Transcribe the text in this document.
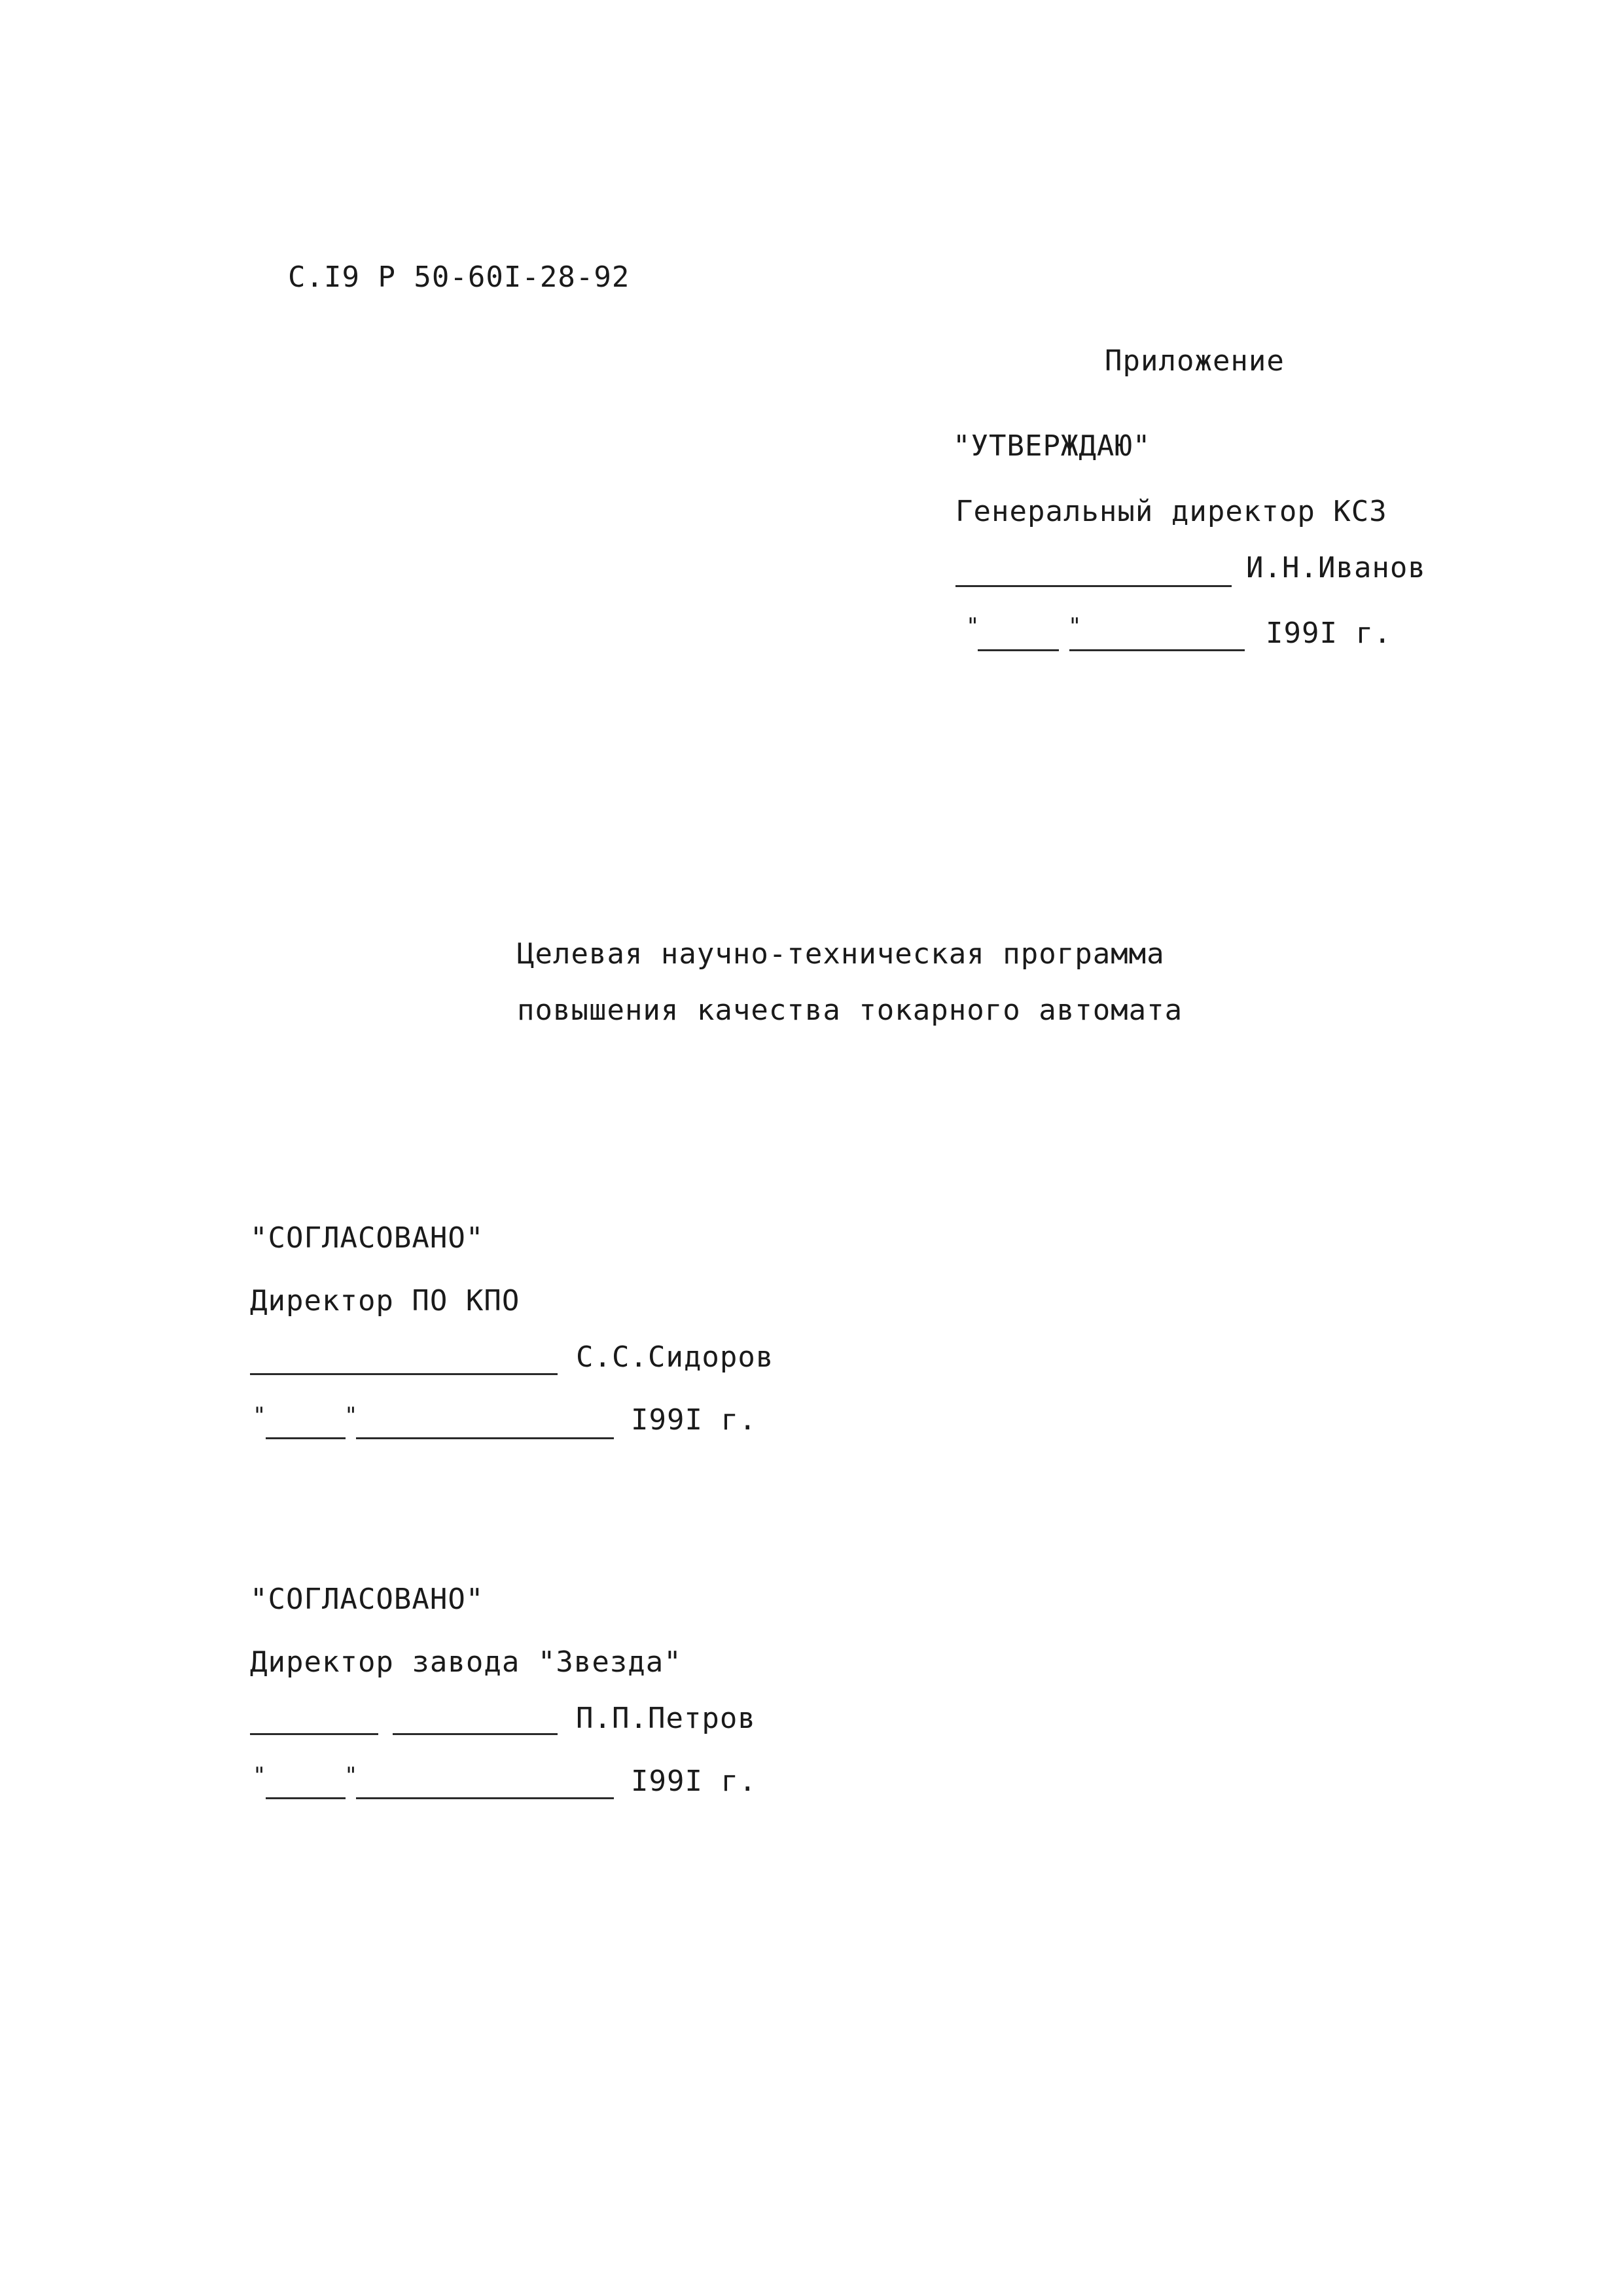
С.I9 Р 50-60I-28-92
Приложение
"УТВЕРЖДАЮ"
Генеральный директор КСЗ
И.Н.Иванов
"	"	I99I г.
Целевая научно-техническая программа
повышения качества токарного автомата
"СОГЛАСОВАНО"
Директор ПО КПО
С.С.Сидоров
"	"	I99I г.
"СОГЛАСОВАНО"
Директор завода "Звезда"
П.П.Петров
"	"	I99I г.
